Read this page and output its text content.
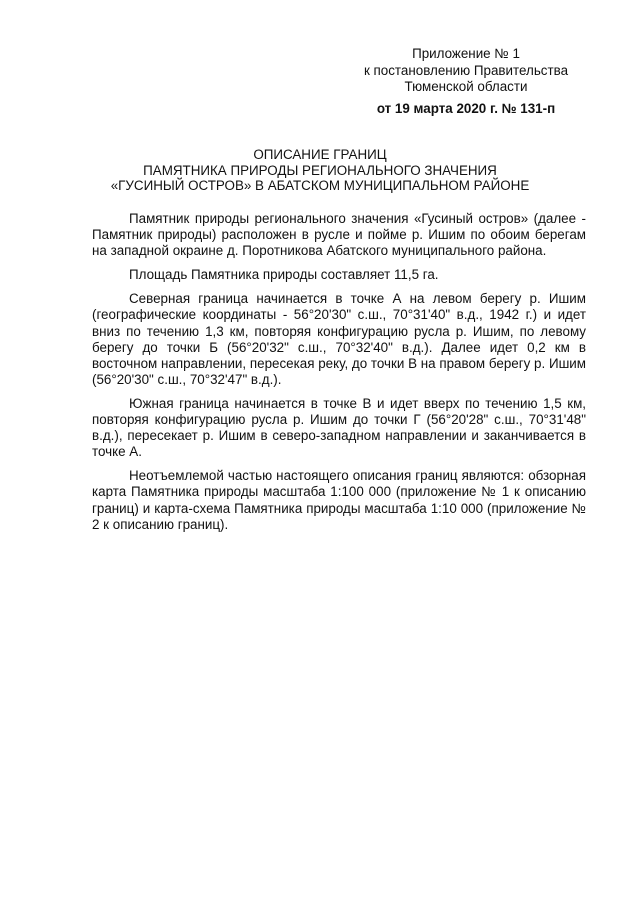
Приложение № 1
к постановлению Правительства
Тюменской области
от 19 марта 2020 г. № 131-п
ОПИСАНИЕ ГРАНИЦ
ПАМЯТНИКА ПРИРОДЫ РЕГИОНАЛЬНОГО ЗНАЧЕНИЯ
«ГУСИНЫЙ ОСТРОВ» В АБАТСКОМ МУНИЦИПАЛЬНОМ РАЙОНЕ

Памятник природы регионального значения «Гусиный остров» (далее - Памятник природы) расположен в русле и пойме р. Ишим по обоим берегам на западной окраине д. Поротникова Абатского муниципального района.

Площадь Памятника природы составляет 11,5 га.

Северная граница начинается в точке А на левом берегу р. Ишим (географические координаты - 56°20'30" с.ш., 70°31'40" в.д., 1942 г.) и идет вниз по течению 1,3 км, повторяя конфигурацию русла р. Ишим, по левому берегу до точки Б (56°20'32" с.ш., 70°32'40" в.д.). Далее идет 0,2 км в восточном направлении, пересекая реку, до точки В на правом берегу р. Ишим (56°20'30" с.ш., 70°32'47" в.д.).

Южная граница начинается в точке В и идет вверх по течению 1,5 км, повторяя конфигурацию русла р. Ишим до точки Г (56°20'28" с.ш., 70°31'48" в.д.), пересекает р. Ишим в северо-западном направлении и заканчивается в точке А.

Неотъемлемой частью настоящего описания границ являются: обзорная карта Памятника природы масштаба 1:100 000 (приложение № 1 к описанию границ) и карта-схема Памятника природы масштаба 1:10 000 (приложение № 2 к описанию границ).
